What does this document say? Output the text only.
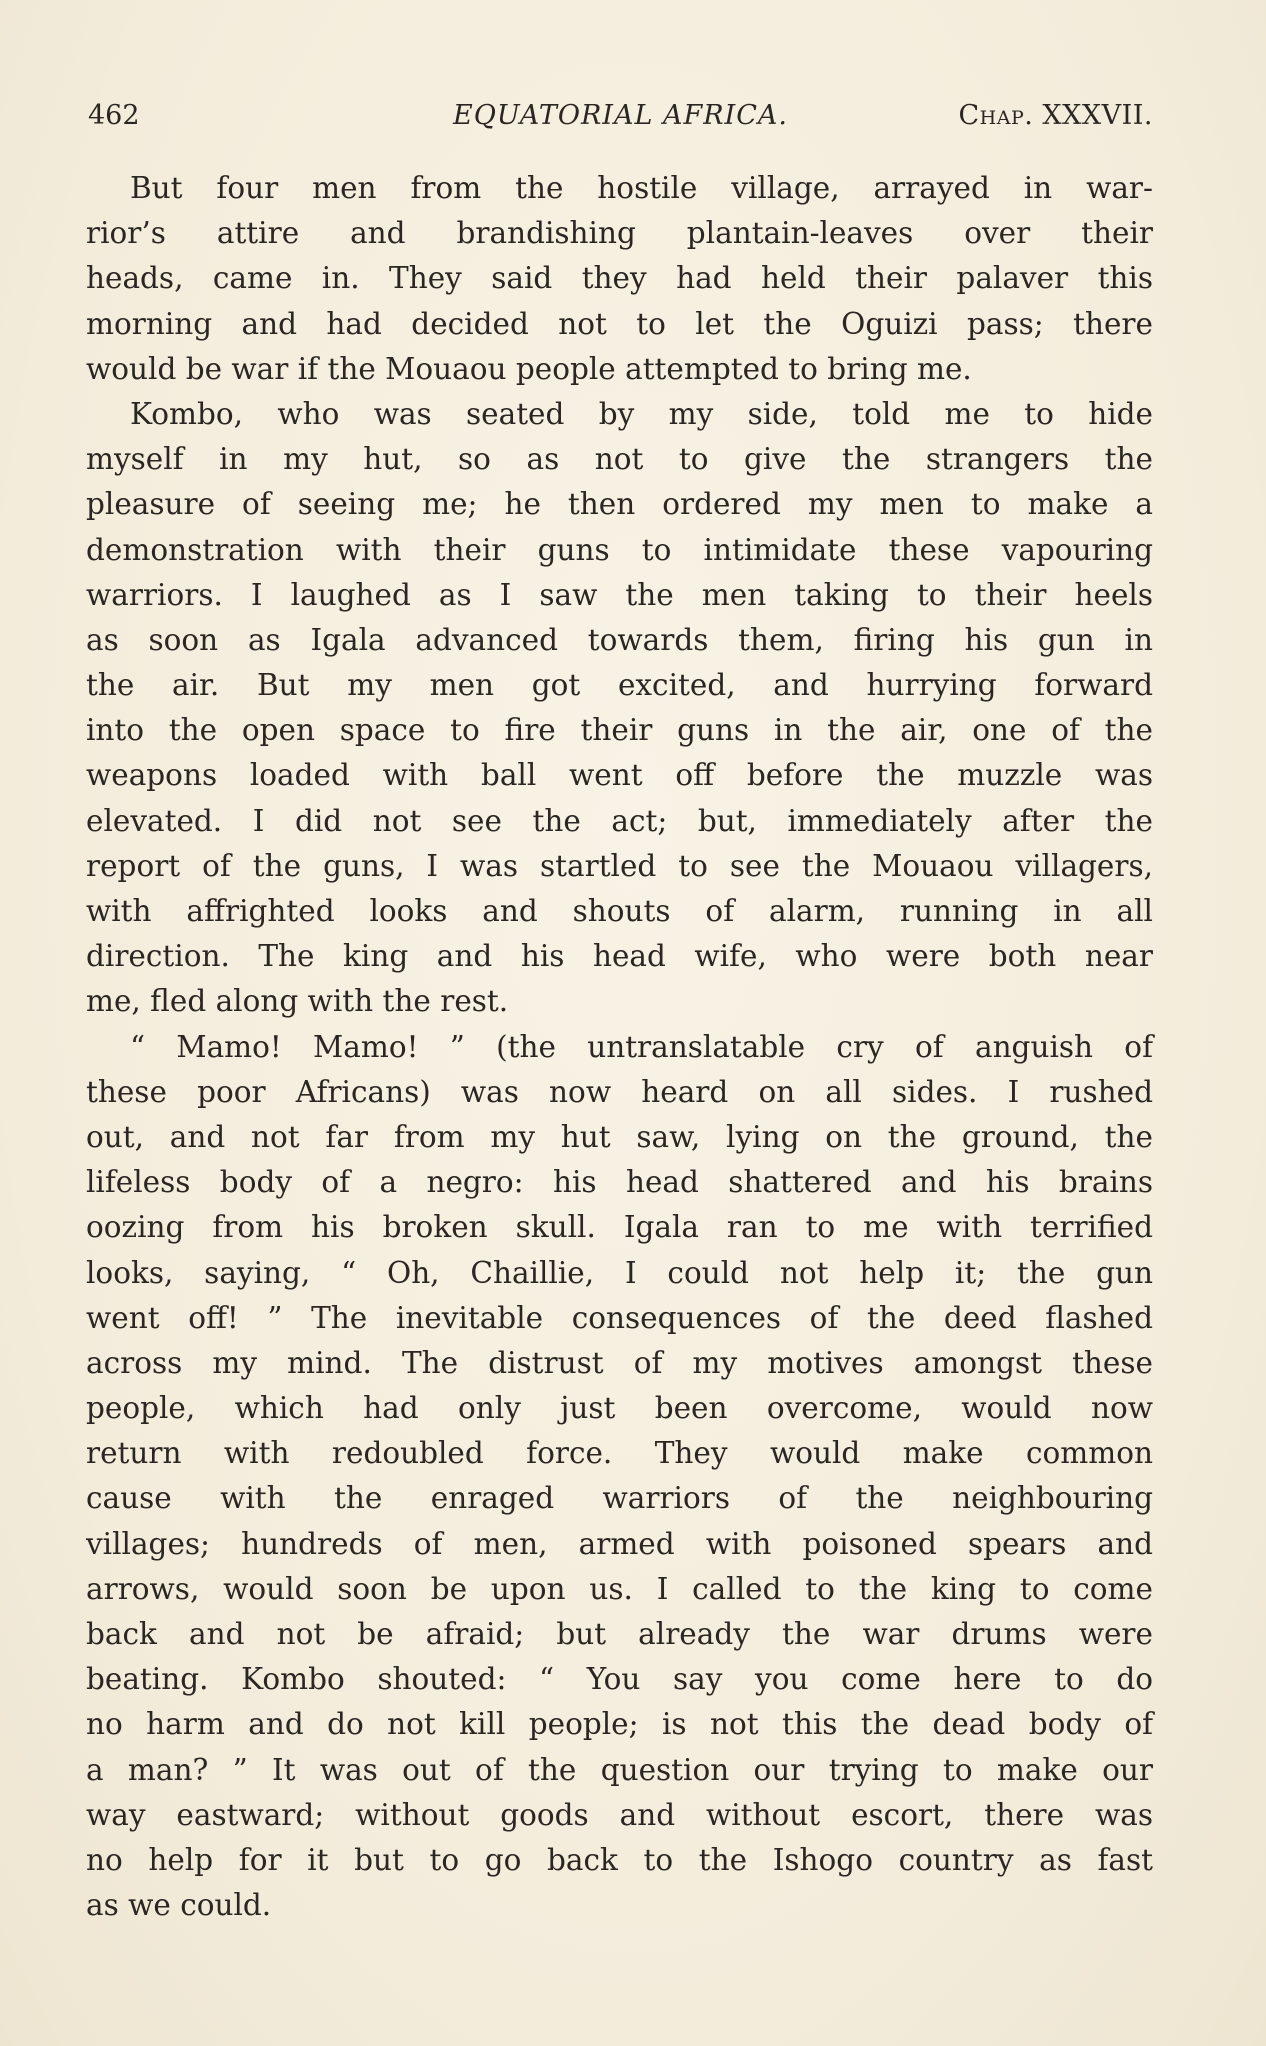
462	EQUATORIAL AFRICA.	Chap. XXXVII.
But four men from the hostile village, arrayed in war-
rior’s attire and brandishing plantain-leaves over their
heads, came in. They said they had held their palaver this
morning and had decided not to let the Oguizi pass; there
would be war if the Mouaou people attempted to bring me.
Kombo, who was seated by my side, told me to hide
myself in my hut, so as not to give the strangers the
pleasure of seeing me; he then ordered my men to make a
demonstration with their guns to intimidate these vapouring
warriors. I laughed as I saw the men taking to their heels
as soon as Igala advanced towards them, firing his gun in
the air. But my men got excited, and hurrying forward
into the open space to fire their guns in the air, one of the
weapons loaded with ball went off before the muzzle was
elevated. I did not see the act; but, immediately after the
report of the guns, I was startled to see the Mouaou villagers,
with affrighted looks and shouts of alarm, running in all
direction. The king and his head wife, who were both near
me, fled along with the rest.
“ Mamo! Mamo! ” (the untranslatable cry of anguish of
these poor Africans) was now heard on all sides. I rushed
out, and not far from my hut saw, lying on the ground, the
lifeless body of a negro: his head shattered and his brains
oozing from his broken skull. Igala ran to me with terrified
looks, saying, “ Oh, Chaillie, I could not help it; the gun
went off! ” The inevitable consequences of the deed flashed
across my mind. The distrust of my motives amongst these
people, which had only just been overcome, would now
return with redoubled force. They would make common
cause with the enraged warriors of the neighbouring
villages; hundreds of men, armed with poisoned spears and
arrows, would soon be upon us. I called to the king to come
back and not be afraid; but already the war drums were
beating. Kombo shouted: “ You say you come here to do
no harm and do not kill people; is not this the dead body of
a man? ” It was out of the question our trying to make our
way eastward; without goods and without escort, there was
no help for it but to go back to the Ishogo country as fast
as we could.
